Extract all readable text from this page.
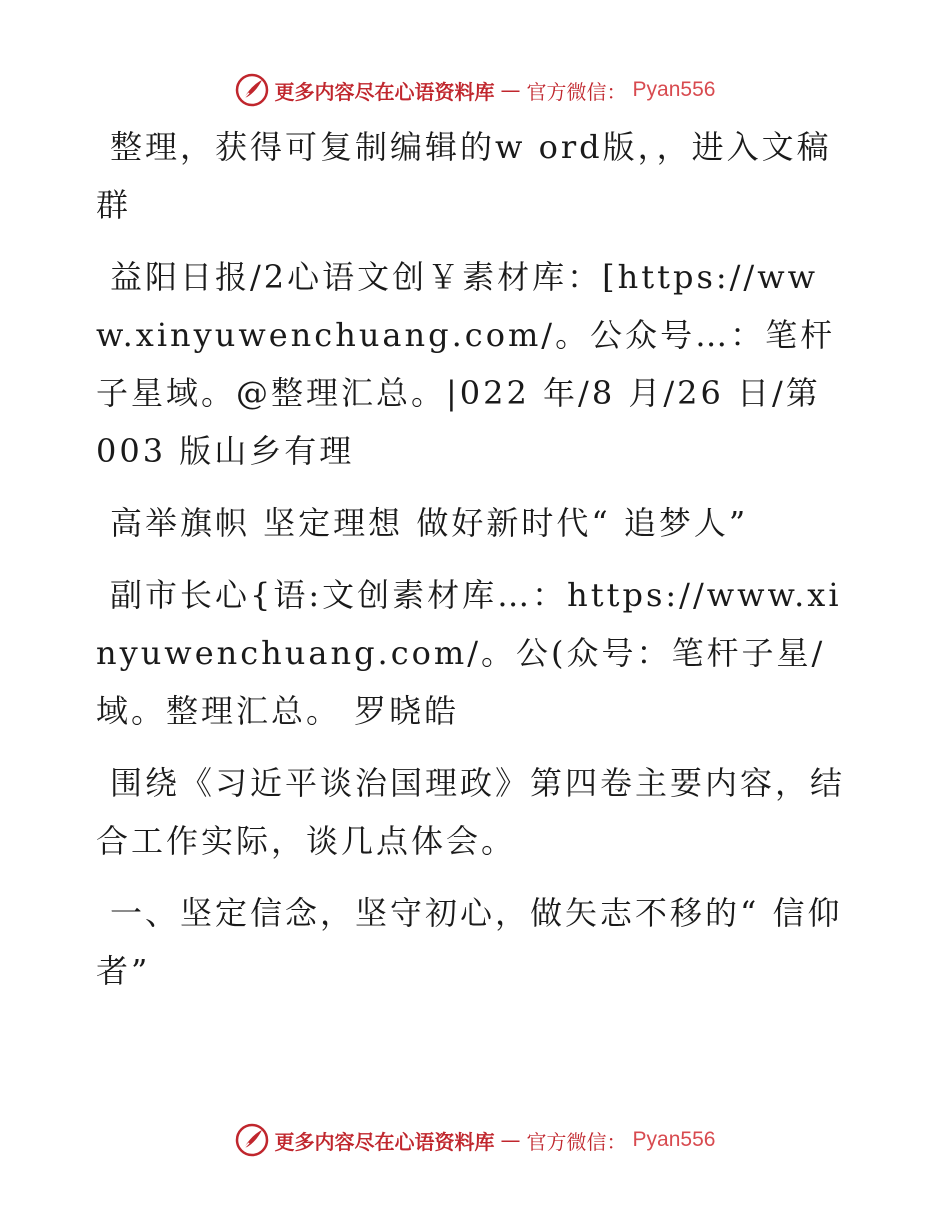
更多内容尽在心语资料库 — 官方微信： Pyan556

整理，获得可复制编辑的w ord版，，进入文稿群

益阳日报/2心语文创￥素材库：[https://www.xinyuwenchuang.com/。公众号…：笔杆子星域。@整理汇总。|022 年/8 月/26 日/第 003 版山乡有理

高举旗帜 坚定理想 做好新时代“ 追梦人”

副市长心{语:文创素材库…：https://www.xinyuwenchuang.com/。公(众号：笔杆子星/域。整理汇总。 罗晓皓

围绕《习近平谈治国理政》第四卷主要内容，结合工作实际，谈几点体会。

一、坚定信念，坚守初心，做矢志不移的“ 信仰者”

更多内容尽在心语资料库 — 官方微信： Pyan556
